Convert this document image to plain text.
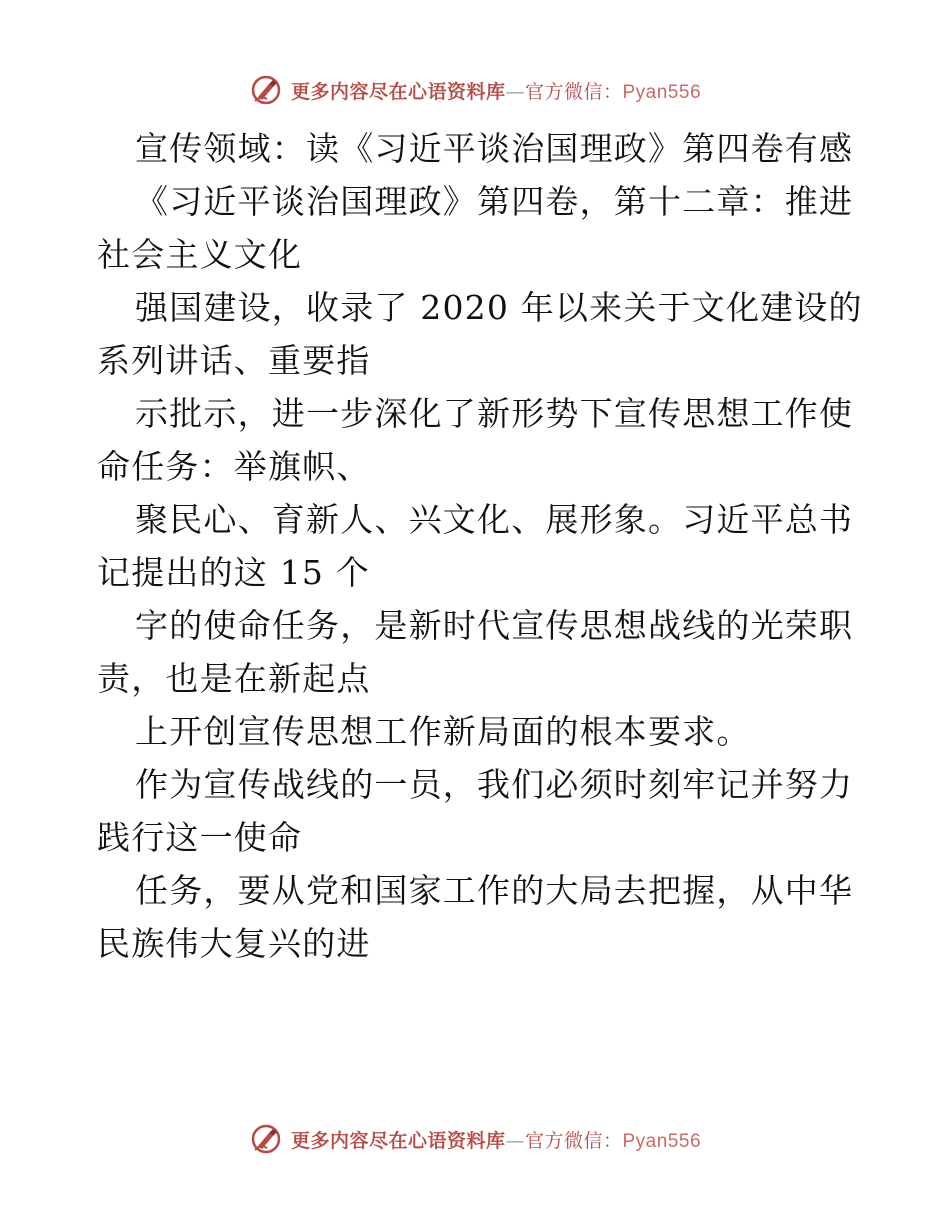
更多内容尽在心语资料库—官方微信：Pyan556
宣传领域：读《习近平谈治国理政》第四卷有感
《习近平谈治国理政》第四卷，第十二章：推进
社会主义文化
强国建设，收录了 2020 年以来关于文化建设的
系列讲话、重要指
示批示，进一步深化了新形势下宣传思想工作使
命任务：举旗帜、
聚民心、育新人、兴文化、展形象。习近平总书
记提出的这 15 个
字的使命任务，是新时代宣传思想战线的光荣职
责，也是在新起点
上开创宣传思想工作新局面的根本要求。
作为宣传战线的一员，我们必须时刻牢记并努力
践行这一使命
任务，要从党和国家工作的大局去把握，从中华
民族伟大复兴的进
更多内容尽在心语资料库—官方微信：Pyan556
